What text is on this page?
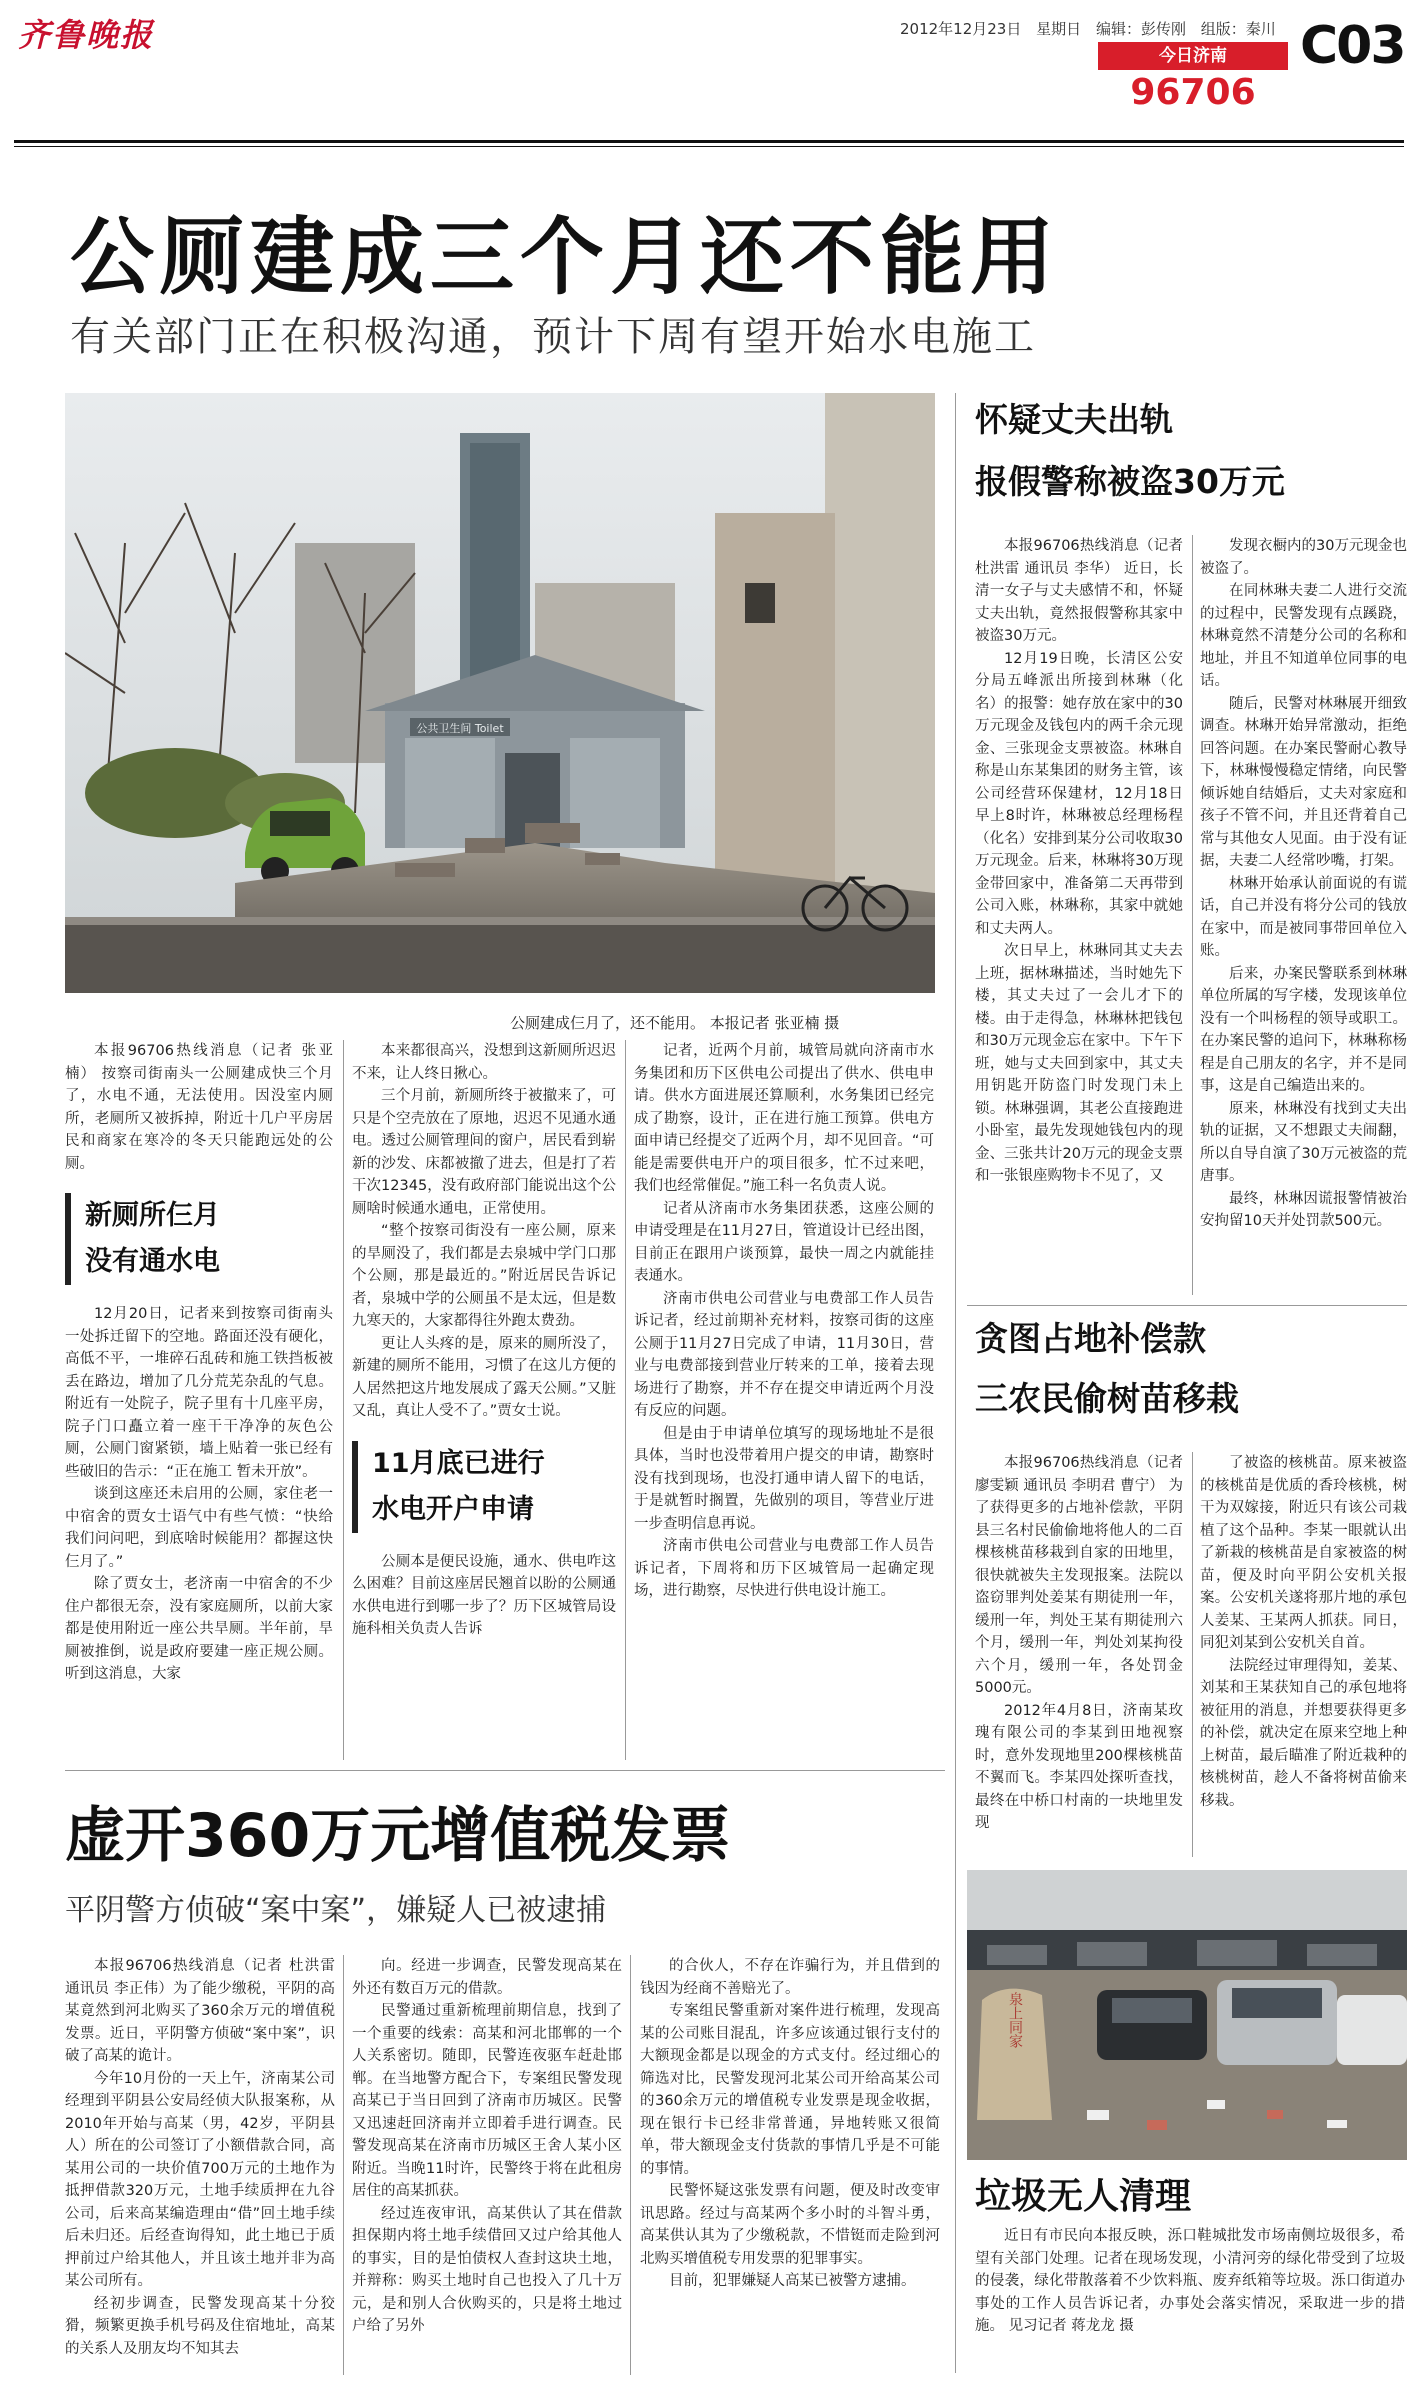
齐鲁晚报	2012年12月23日 星期日 编辑：彭传刚 组版：秦川
今日济南
96706
C03
公厕建成三个月还不能用
有关部门正在积极沟通，预计下周有望开始水电施工
公共卫生间 Toilet
公厕建成仨月了，还不能用。 本报记者 张亚楠 摄

本报96706热线消息（记者 张亚楠） 按察司街南头一公厕建成快三个月了，水电不通，无法使用。因没室内厕所，老厕所又被拆掉，附近十几户平房居民和商家在寒冷的冬天只能跑远处的公厕。

新厕所仨月
没有通水电

12月20日，记者来到按察司街南头一处拆迁留下的空地。路面还没有硬化，高低不平，一堆碎石乱砖和施工铁挡板被丢在路边，增加了几分荒芜杂乱的气息。附近有一处院子，院子里有十几座平房，院子门口矗立着一座干干净净的灰色公厕，公厕门窗紧锁，墙上贴着一张已经有些破旧的告示：“正在施工 暂未开放”。

谈到这座还未启用的公厕，家住老一中宿舍的贾女士语气中有些气愤：“快给我们问问吧，到底啥时候能用？都握这快仨月了。”

除了贾女士，老济南一中宿舍的不少住户都很无奈，没有家庭厕所，以前大家都是使用附近一座公共旱厕。半年前，旱厕被推倒，说是政府要建一座正规公厕。听到这消息，大家

本来都很高兴，没想到这新厕所迟迟不来，让人终日揪心。

三个月前，新厕所终于被撤来了，可只是个空壳放在了原地，迟迟不见通水通电。透过公厕管理间的窗户，居民看到崭新的沙发、床都被撤了进去，但是打了若干次12345，没有政府部门能说出这个公厕啥时候通水通电，正常使用。

“整个按察司街没有一座公厕，原来的旱厕没了，我们都是去泉城中学门口那个公厕，那是最近的。”附近居民告诉记者，泉城中学的公厕虽不是太远，但是数九寒天的，大家都得往外跑太费劲。

更让人头疼的是，原来的厕所没了，新建的厕所不能用，习惯了在这儿方便的人居然把这片地发展成了露天公厕。”又脏又乱，真让人受不了。”贾女士说。

11月底已进行
水电开户申请

公厕本是便民设施，通水、供电咋这么困难？目前这座居民翘首以盼的公厕通水供电进行到哪一步了？历下区城管局设施科相关负责人告诉

记者，近两个月前，城管局就向济南市水务集团和历下区供电公司提出了供水、供电申请。供水方面进展还算顺利，水务集团已经完成了勘察，设计，正在进行施工预算。供电方面申请已经提交了近两个月，却不见回音。“可能是需要供电开户的项目很多，忙不过来吧，我们也经常催促。”施工科一名负责人说。

记者从济南市水务集团获悉，这座公厕的申请受理是在11月27日，管道设计已经出图，目前正在跟用户谈预算，最快一周之内就能挂表通水。

济南市供电公司营业与电费部工作人员告诉记者，经过前期补充材料，按察司街的这座公厕于11月27日完成了申请，11月30日，营业与电费部接到营业厅转来的工单，接着去现场进行了勘察，并不存在提交申请近两个月没有反应的问题。

但是由于申请单位填写的现场地址不是很具体，当时也没带着用户提交的申请，勘察时没有找到现场，也没打通申请人留下的电话，于是就暂时搁置，先做别的项目，等营业厅进一步查明信息再说。

济南市供电公司营业与电费部工作人员告诉记者，下周将和历下区城管局一起确定现场，进行勘察，尽快进行供电设计施工。

怀疑丈夫出轨
报假警称被盗30万元

本报96706热线消息（记者 杜洪雷 通讯员 李华） 近日，长清一女子与丈夫感情不和，怀疑丈夫出轨，竟然报假警称其家中被盗30万元。

12月19日晚，长清区公安分局五峰派出所接到林琳（化名）的报警：她存放在家中的30万元现金及钱包内的两千余元现金、三张现金支票被盗。林琳自称是山东某集团的财务主管，该公司经营环保建材，12月18日早上8时许，林琳被总经理杨程（化名）安排到某分公司收取30万元现金。后来，林琳将30万现金带回家中，准备第二天再带到公司入账，林琳称，其家中就她和丈夫两人。

次日早上，林琳同其丈夫去上班，据林琳描述，当时她先下楼，其丈夫过了一会儿才下的楼。由于走得急，林琳林把钱包和30万元现金忘在家中。下午下班，她与丈夫回到家中，其丈夫用钥匙开防盗门时发现门未上锁。林琳强调，其老公直接跑进小卧室，最先发现她钱包内的现金、三张共计20万元的现金支票和一张银座购物卡不见了，又

发现衣橱内的30万元现金也被盗了。

在同林琳夫妻二人进行交流的过程中，民警发现有点蹊跷，林琳竟然不清楚分公司的名称和地址，并且不知道单位同事的电话。

随后，民警对林琳展开细致调查。林琳开始异常激动，拒绝回答问题。在办案民警耐心教导下，林琳慢慢稳定情绪，向民警倾诉她自结婚后，丈夫对家庭和孩子不管不问，并且还背着自己常与其他女人见面。由于没有证据，夫妻二人经常吵嘴，打架。

林琳开始承认前面说的有谎话，自己并没有将分公司的钱放在家中，而是被同事带回单位入账。

后来，办案民警联系到林琳单位所属的写字楼，发现该单位没有一个叫杨程的领导或职工。在办案民警的追问下，林琳称杨程是自己朋友的名字，并不是同事，这是自己编造出来的。

原来，林琳没有找到丈夫出轨的证据，又不想跟丈夫闹翻，所以自导自演了30万元被盗的荒唐事。

最终，林琳因谎报警情被治安拘留10天并处罚款500元。

贪图占地补偿款
三农民偷树苗移栽

本报96706热线消息（记者 廖雯颖 通讯员 李明君 曹宁） 为了获得更多的占地补偿款，平阴县三名村民偷偷地将他人的二百棵核桃苗移栽到自家的田地里，很快就被失主发现报案。法院以盗窃罪判处姜某有期徒刑一年，缓刑一年，判处王某有期徒刑六个月，缓刑一年，判处刘某拘役六个月，缓刑一年，各处罚金5000元。

2012年4月8日，济南某玫瑰有限公司的李某到田地视察时，意外发现地里200棵核桃苗不翼而飞。李某四处探听查找，最终在中桥口村南的一块地里发现

了被盗的核桃苗。原来被盗的核桃苗是优质的香玲核桃，树干为双嫁接，附近只有该公司栽植了这个品种。李某一眼就认出了新栽的核桃苗是自家被盗的树苗，便及时向平阴公安机关报案。公安机关遂将那片地的承包人姜某、王某两人抓获。同日，同犯刘某到公安机关自首。

法院经过审理得知，姜某、刘某和王某获知自己的承包地将被征用的消息，并想要获得更多的补偿，就决定在原来空地上种上树苗，最后瞄准了附近栽种的核桃树苗，趁人不备将树苗偷来移栽。

虚开360万元增值税发票
平阴警方侦破“案中案”，嫌疑人已被逮捕

本报96706热线消息（记者 杜洪雷 通讯员 李正伟）为了能少缴税，平阴的高某竟然到河北购买了360余万元的增值税发票。近日，平阴警方侦破“案中案”，识破了高某的诡计。

今年10月份的一天上午，济南某公司经理到平阴县公安局经侦大队报案称，从2010年开始与高某（男，42岁，平阴县人）所在的公司签订了小额借款合同，高某用公司的一块价值700万元的土地作为抵押借款320万元，土地手续质押在九谷公司，后来高某编造理由“借”回土地手续后未归还。后经查询得知，此土地已于质押前过户给其他人，并且该土地并非为高某公司所有。

经初步调查，民警发现高某十分狡猾，频繁更换手机号码及住宿地址，高某的关系人及朋友均不知其去

向。经进一步调查，民警发现高某在外还有数百万元的借款。

民警通过重新梳理前期信息，找到了一个重要的线索：高某和河北邯郸的一个人关系密切。随即，民警连夜驱车赶赴邯郸。在当地警方配合下，专案组民警发现高某已于当日回到了济南市历城区。民警又迅速赶回济南并立即着手进行调查。民警发现高某在济南市历城区王舍人某小区附近。当晚11时许，民警终于将在此租房居住的高某抓获。

经过连夜审讯，高某供认了其在借款担保期内将土地手续借回又过户给其他人的事实，目的是怕债权人查封这块土地，并辩称：购买土地时自己也投入了几十万元，是和别人合伙购买的，只是将土地过户给了另外

的合伙人，不存在诈骗行为，并且借到的钱因为经商不善赔光了。

专案组民警重新对案件进行梳理，发现高某的公司账目混乱，许多应该通过银行支付的大额现金都是以现金的方式支付。经过细心的筛选对比，民警发现河北某公司开给高某公司的360余万元的增值税专业发票是现金收据，现在银行卡已经非常普通，异地转账又很简单，带大额现金支付货款的事情几乎是不可能的事情。

民警怀疑这张发票有问题，便及时改变审讯思路。经过与高某两个多小时的斗智斗勇，高某供认其为了少缴税款，不惜铤而走险到河北购买增值税专用发票的犯罪事实。

目前，犯罪嫌疑人高某已被警方逮捕。

泉上同家
垃圾无人清理

近日有市民向本报反映，泺口鞋城批发市场南侧垃圾很多，希望有关部门处理。记者在现场发现，小清河旁的绿化带受到了垃圾的侵袭，绿化带散落着不少饮料瓶、废弃纸箱等垃圾。泺口街道办事处的工作人员告诉记者，办事处会落实情况，采取进一步的措施。 见习记者 蒋龙龙 摄
